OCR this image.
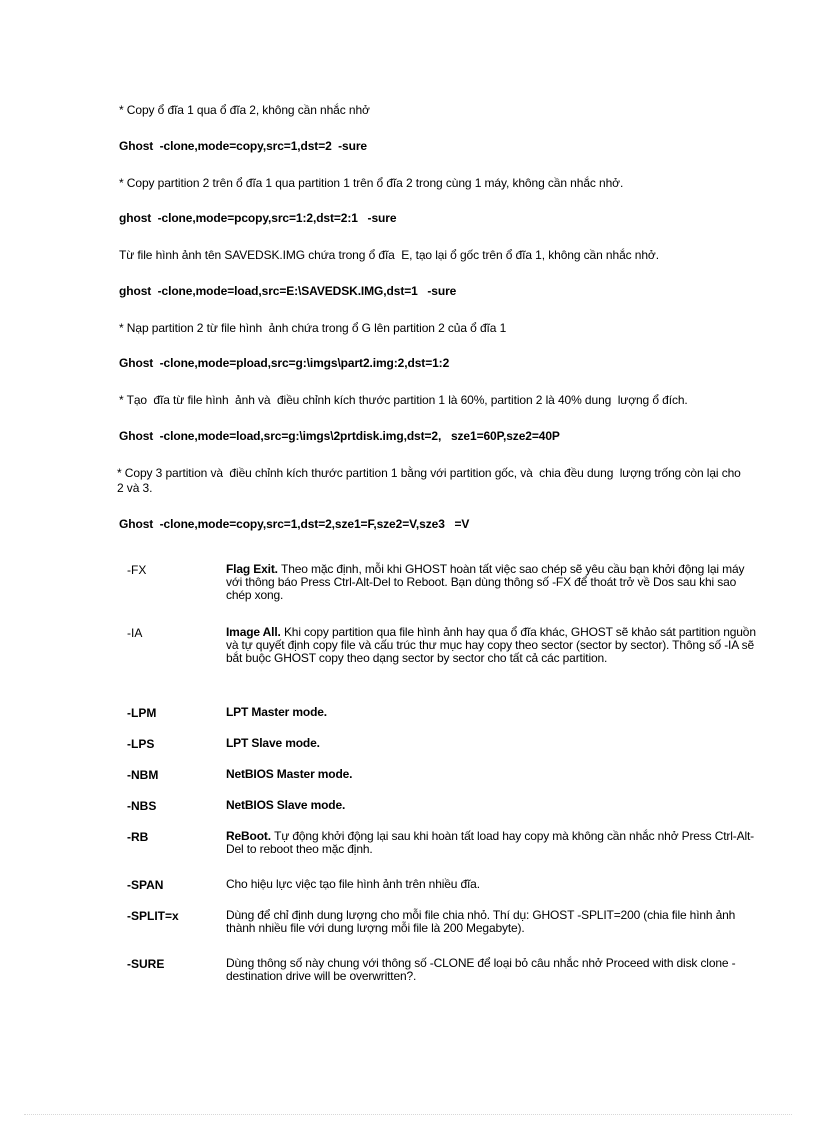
* Copy ổ đĩa 1 qua ổ đĩa 2, không cần nhắc nhở
Ghost  -clone,mode=copy,src=1,dst=2  -sure
* Copy partition 2 trên ổ đĩa 1 qua partition 1 trên ổ đĩa 2 trong cùng 1 máy, không cần nhắc nhở.
ghost  -clone,mode=pcopy,src=1:2,dst=2:1   -sure
Từ file hình ảnh tên SAVEDSK.IMG chứa trong ổ đĩa  E, tạo lại ổ gốc trên ổ đĩa 1, không cần nhắc nhở.
ghost  -clone,mode=load,src=E:\SAVEDSK.IMG,dst=1   -sure
* Nạp partition 2 từ file hình  ảnh chứa trong ổ G lên partition 2 của ổ đĩa 1
Ghost  -clone,mode=pload,src=g:\imgs\part2.img:2,dst=1:2
* Tạo  đĩa từ file hình  ảnh và  điều chỉnh kích thước partition 1 là 60%, partition 2 là 40% dung  lượng ổ đích.
Ghost  -clone,mode=load,src=g:\imgs\2prtdisk.img,dst=2,   sze1=60P,sze2=40P
* Copy 3 partition và  điều chỉnh kích thước partition 1 bằng với partition gốc, và  chia đều dung  lượng trống còn lại cho
2 và 3.
Ghost  -clone,mode=copy,src=1,dst=2,sze1=F,sze2=V,sze3   =V
-FX	Flag Exit. Theo mặc định, mỗi khi GHOST hoàn tất việc sao chép sẽ yêu cầu bạn khởi động lại máy với thông báo Press Ctrl-Alt-Del to Reboot. Bạn dùng thông số -FX để thoát trở về Dos sau khi sao chép xong.
-IA	Image All. Khi copy partition qua file hình ảnh hay qua ổ đĩa khác, GHOST sẽ khảo sát partition nguồn và tự quyết định copy file và cấu trúc thư mục hay copy theo sector (sector by sector). Thông số -IA sẽ bắt buộc GHOST copy theo dạng sector by sector cho tất cả các partition.
-LPM	LPT Master mode.
-LPS	LPT Slave mode.
-NBM	NetBIOS Master mode.
-NBS	NetBIOS Slave mode.
-RB	ReBoot. Tự động khởi động lại sau khi hoàn tất load hay copy mà không cần nhắc nhở Press Ctrl-Alt-Del to reboot theo mặc định.
-SPAN	Cho hiệu lực việc tạo file hình ảnh trên nhiều đĩa.
-SPLIT=x	Dùng để chỉ định dung lượng cho mỗi file chia nhỏ. Thí dụ: GHOST -SPLIT=200 (chia file hình ảnh thành nhiều file với dung lượng mỗi file là 200 Megabyte).
-SURE	Dùng thông số này chung với thông số -CLONE để loại bỏ câu nhắc nhở Proceed with disk clone - destination drive will be overwritten?.
